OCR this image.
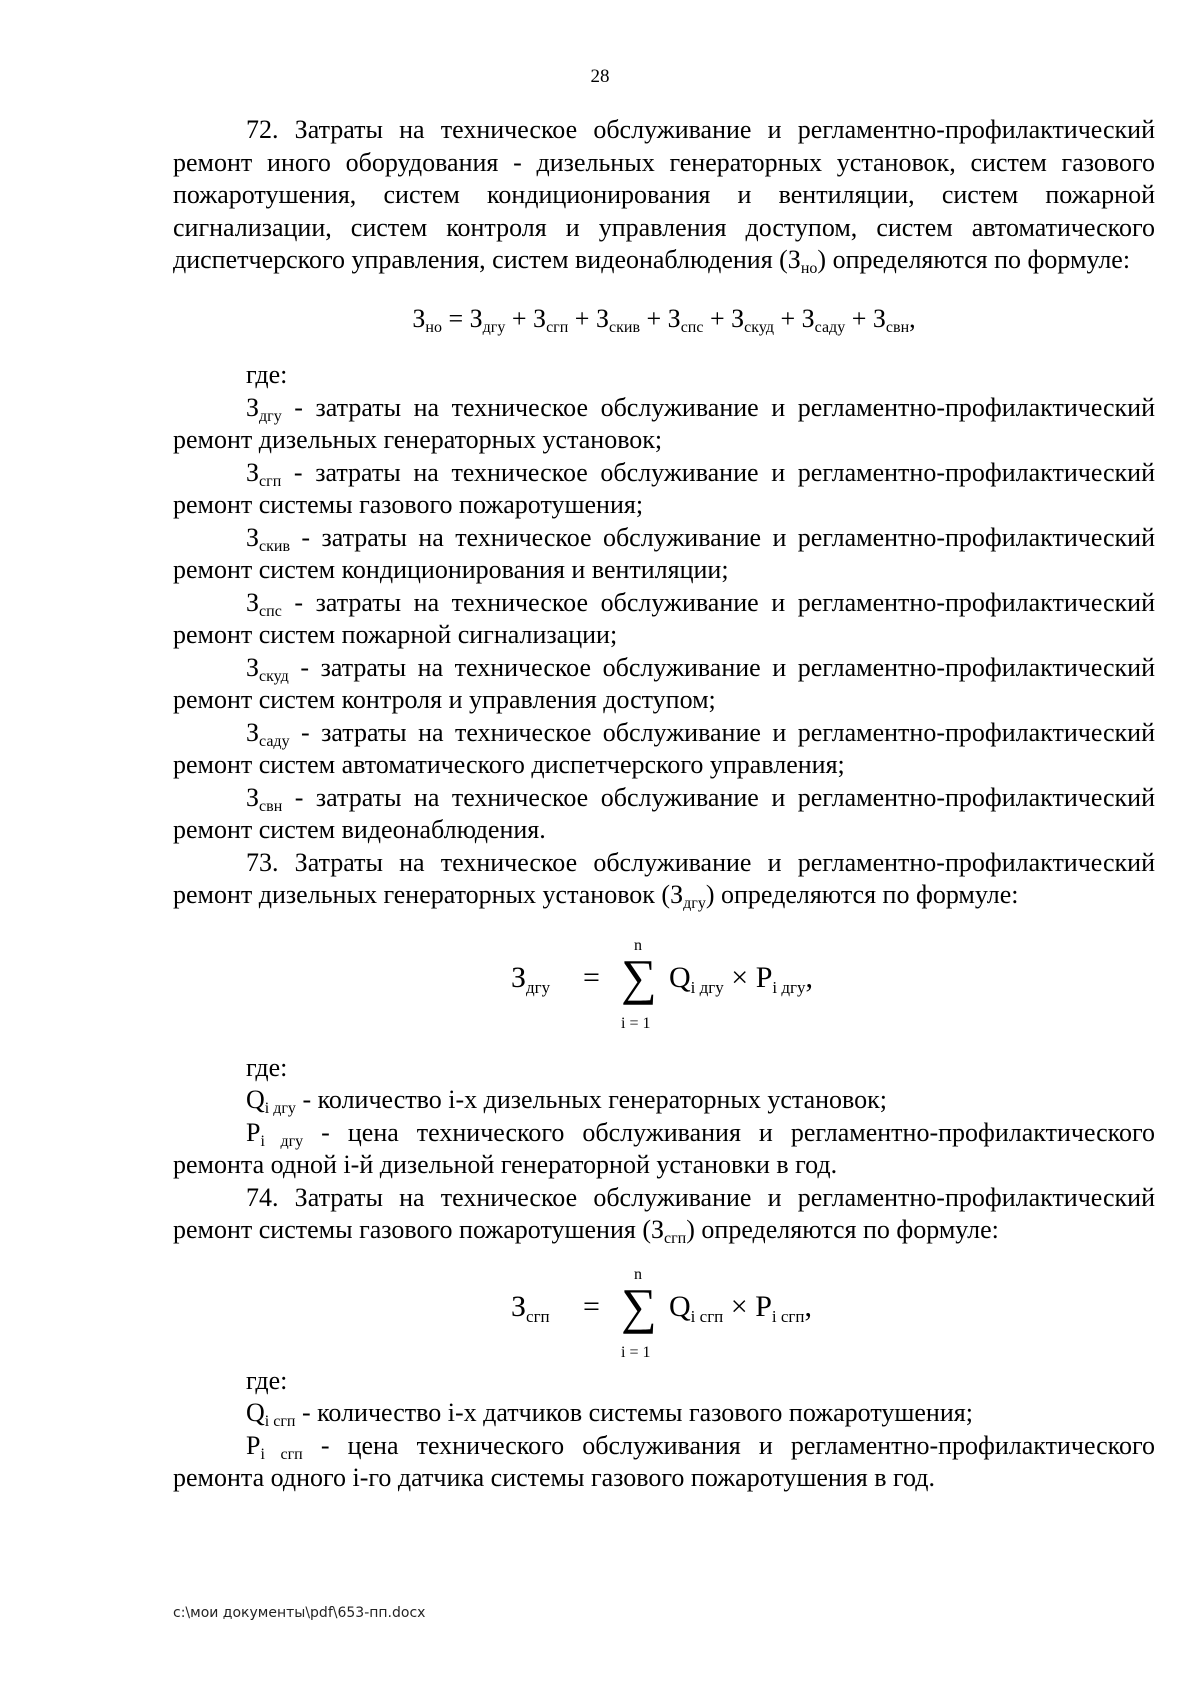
28

72. Затраты на техническое обслуживание и регламентно-профилактический ремонт иного оборудования - дизельных генераторных установок, систем газового пожаротушения, систем кондиционирования и вентиляции, систем пожарной сигнализации, систем контроля и управления доступом, систем автоматического диспетчерского управления, систем видеонаблюдения $(З_{но})$ определяются по формуле:

$З_{но} = З_{дгу} + З_{сгп} + З_{скив} + З_{спс} + З_{скуд} + З_{саду} + З_{свн}$,

где:

$З_{дгу}$ - затраты на техническое обслуживание и регламентно-профилактический ремонт дизельных генераторных установок;

$З_{сгп}$ - затраты на техническое обслуживание и регламентно-профилактический ремонт системы газового пожаротушения;

$З_{скив}$ - затраты на техническое обслуживание и регламентно-профилактический ремонт систем кондиционирования и вентиляции;

$З_{спс}$ - затраты на техническое обслуживание и регламентно-профилактический ремонт систем пожарной сигнализации;

$З_{скуд}$ - затраты на техническое обслуживание и регламентно-профилактический ремонт систем контроля и управления доступом;

$З_{саду}$ - затраты на техническое обслуживание и регламентно-профилактический ремонт систем автоматического диспетчерского управления;

$З_{свн}$ - затраты на техническое обслуживание и регламентно-профилактический ремонт систем видеонаблюдения.

73. Затраты на техническое обслуживание и регламентно-профилактический ремонт дизельных генераторных установок $(З_{дгу})$ определяются по формуле:

$З_{дгу}$ =
n
∑
i = 1
$Q_{i дгу} \times P_{i дгу}$,

где:

$Q_{i дгу}$ - количество i-х дизельных генераторных установок;

$P_{i дгу}$ - цена технического обслуживания и регламентно-профилактического ремонта одной i-й дизельной генераторной установки в год.

74. Затраты на техническое обслуживание и регламентно-профилактический ремонт системы газового пожаротушения $(З_{сгп})$ определяются по формуле:

$З_{сгп}$ =
n
∑
i = 1
$Q_{i сгп} \times P_{i сгп}$,

где:

$Q_{i сгп}$ - количество i-х датчиков системы газового пожаротушения;

$P_{i сгп}$ - цена технического обслуживания и регламентно-профилактического ремонта одного i-го датчика системы газового пожаротушения в год.

c:\мои документы\pdf\653-пп.docx
